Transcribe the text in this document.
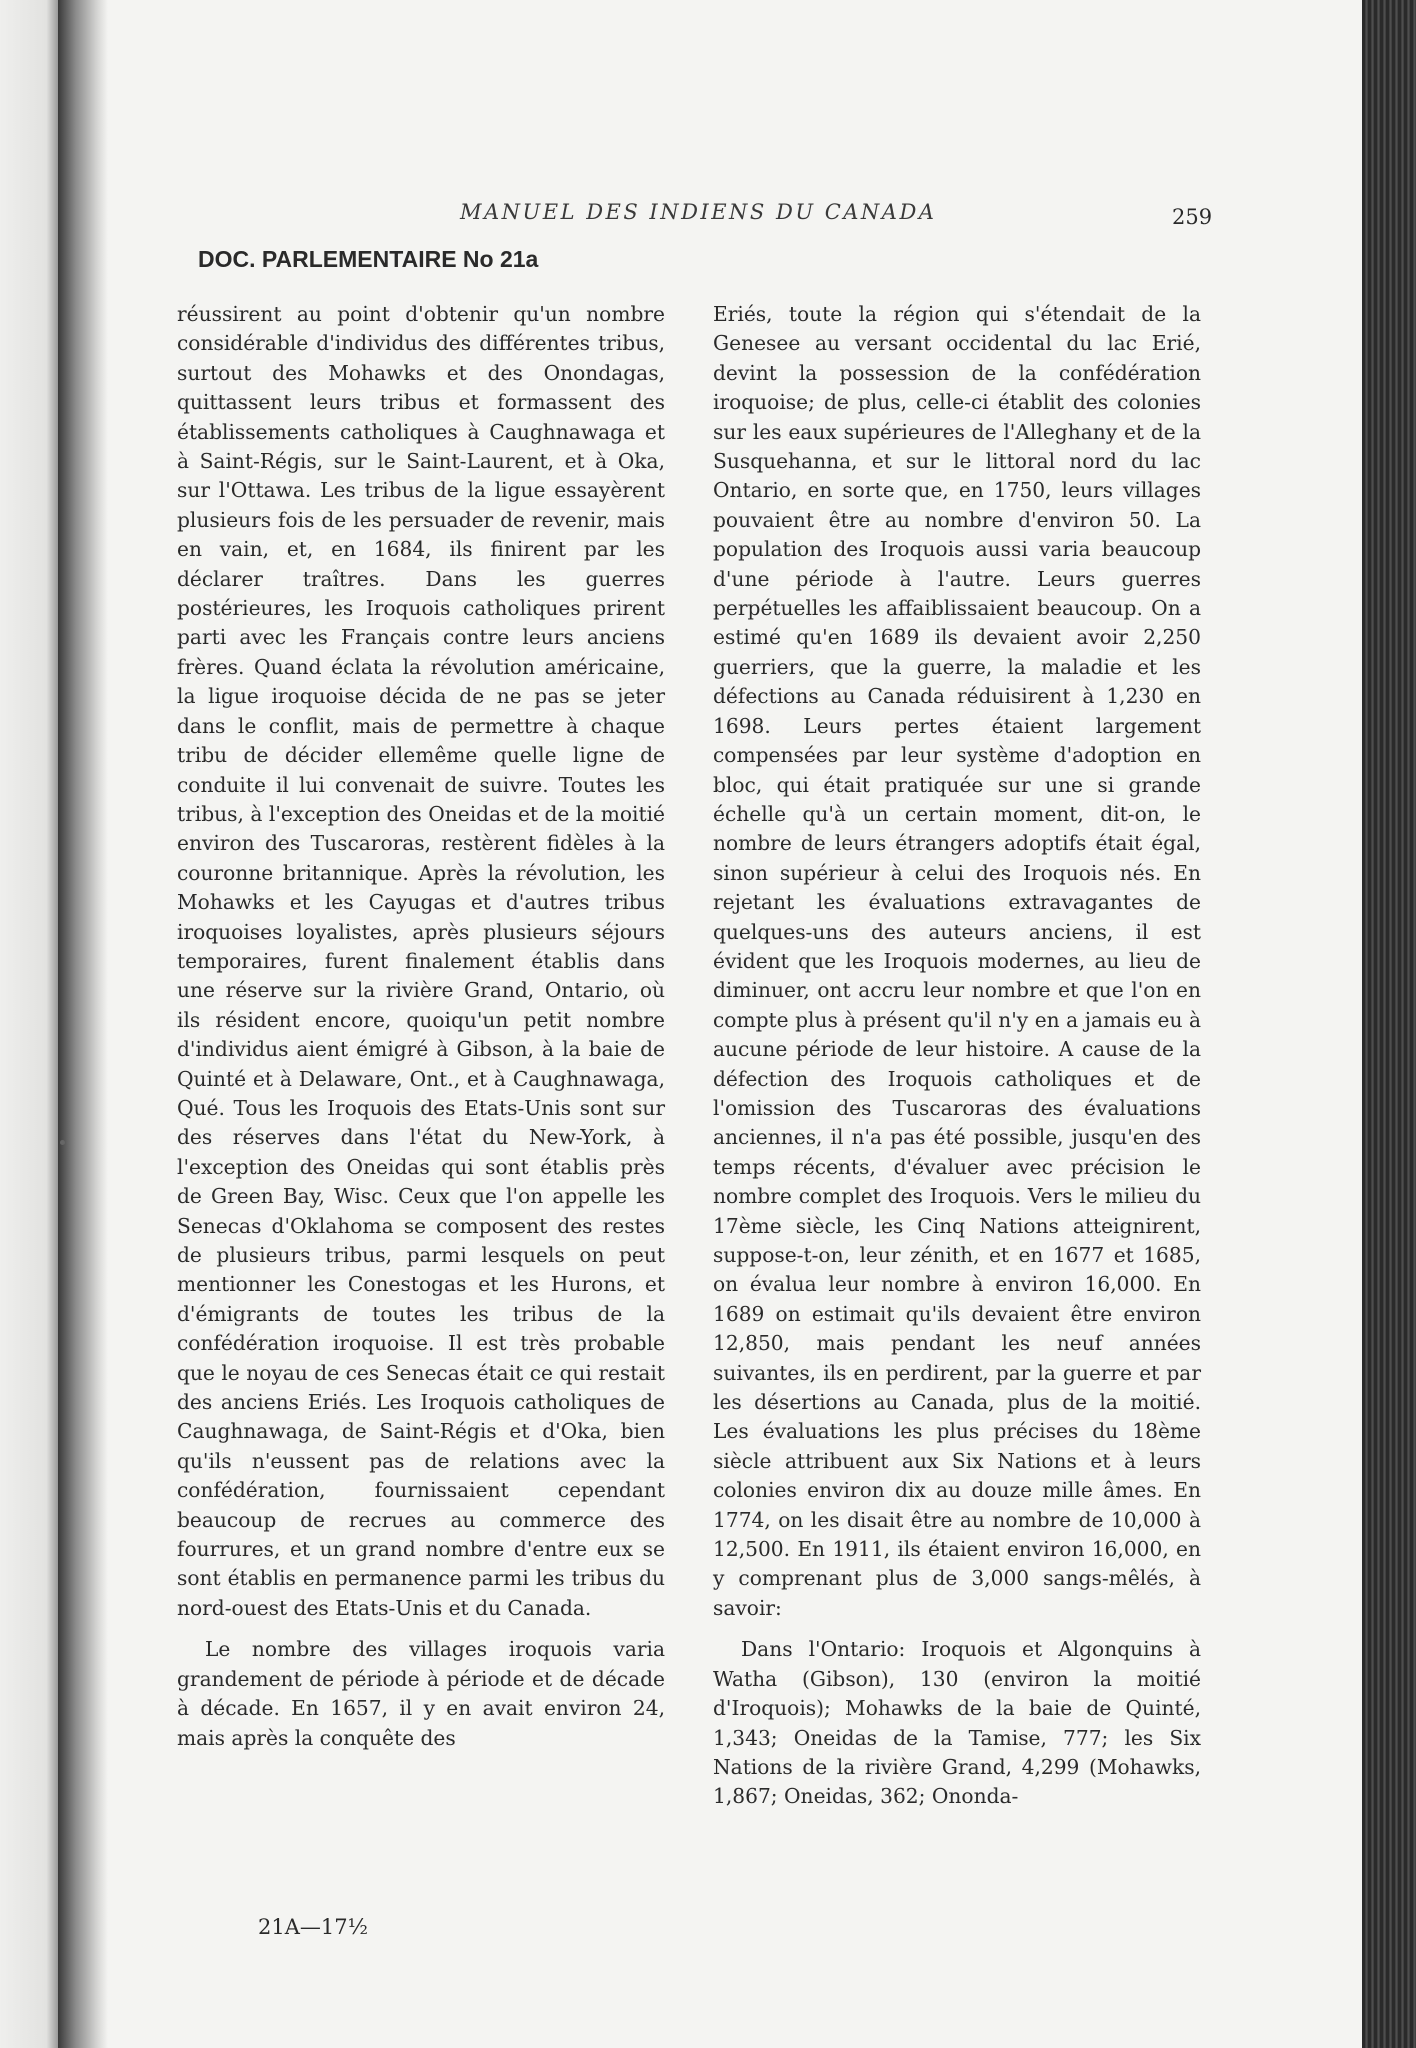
MANUEL DES INDIENS DU CANADA	259
DOC. PARLEMENTAIRE No 21a

réussirent au point d'obtenir qu'un nombre considérable d'individus des différentes tribus, surtout des Mohawks et des Onondagas, quittassent leurs tribus et formassent des établissements catholiques à Caughnawaga et à Saint-Régis, sur le Saint-Laurent, et à Oka, sur l'Ottawa. Les tribus de la ligue essayèrent plusieurs fois de les persuader de revenir, mais en vain, et, en 1684, ils finirent par les déclarer traîtres. Dans les guerres postérieures, les Iroquois catholiques prirent parti avec les Français contre leurs anciens frères. Quand éclata la révolution américaine, la ligue iroquoise décida de ne pas se jeter dans le conflit, mais de permettre à chaque tribu de décider ellemême quelle ligne de conduite il lui convenait de suivre. Toutes les tribus, à l'exception des Oneidas et de la moitié environ des Tuscaroras, restèrent fidèles à la couronne britannique. Après la révolution, les Mohawks et les Cayugas et d'autres tribus iroquoises loyalistes, après plusieurs séjours temporaires, furent finalement établis dans une réserve sur la rivière Grand, Ontario, où ils résident encore, quoiqu'un petit nombre d'individus aient émigré à Gibson, à la baie de Quinté et à Delaware, Ont., et à Caughnawaga, Qué. Tous les Iroquois des Etats-Unis sont sur des réserves dans l'état du New-York, à l'exception des Oneidas qui sont établis près de Green Bay, Wisc. Ceux que l'on appelle les Senecas d'Oklahoma se composent des restes de plusieurs tribus, parmi lesquels on peut mentionner les Conestogas et les Hurons, et d'émigrants de toutes les tribus de la confédération iroquoise. Il est très probable que le noyau de ces Senecas était ce qui restait des anciens Eriés. Les Iroquois catholiques de Caughnawaga, de Saint-Régis et d'Oka, bien qu'ils n'eussent pas de relations avec la confédération, fournissaient cependant beaucoup de recrues au commerce des fourrures, et un grand nombre d'entre eux se sont établis en permanence parmi les tribus du nord-ouest des Etats-Unis et du Canada.

Le nombre des villages iroquois varia grandement de période à période et de décade à décade. En 1657, il y en avait environ 24, mais après la conquête des

Eriés, toute la région qui s'étendait de la Genesee au versant occidental du lac Erié, devint la possession de la confédération iroquoise; de plus, celle-ci établit des colonies sur les eaux supérieures de l'Alleghany et de la Susquehanna, et sur le littoral nord du lac Ontario, en sorte que, en 1750, leurs villages pouvaient être au nombre d'environ 50. La population des Iroquois aussi varia beaucoup d'une période à l'autre. Leurs guerres perpétuelles les affaiblissaient beaucoup. On a estimé qu'en 1689 ils devaient avoir 2,250 guerriers, que la guerre, la maladie et les défections au Canada réduisirent à 1,230 en 1698. Leurs pertes étaient largement compensées par leur système d'adoption en bloc, qui était pratiquée sur une si grande échelle qu'à un certain moment, dit-on, le nombre de leurs étrangers adoptifs était égal, sinon supérieur à celui des Iroquois nés. En rejetant les évaluations extravagantes de quelques-uns des auteurs anciens, il est évident que les Iroquois modernes, au lieu de diminuer, ont accru leur nombre et que l'on en compte plus à présent qu'il n'y en a jamais eu à aucune période de leur histoire. A cause de la défection des Iroquois catholiques et de l'omission des Tuscaroras des évaluations anciennes, il n'a pas été possible, jusqu'en des temps récents, d'évaluer avec précision le nombre complet des Iroquois. Vers le milieu du 17ème siècle, les Cinq Nations atteignirent, suppose-t-on, leur zénith, et en 1677 et 1685, on évalua leur nombre à environ 16,000. En 1689 on estimait qu'ils devaient être environ 12,850, mais pendant les neuf années suivantes, ils en perdirent, par la guerre et par les désertions au Canada, plus de la moitié. Les évaluations les plus précises du 18ème siècle attribuent aux Six Nations et à leurs colonies environ dix au douze mille âmes. En 1774, on les disait être au nombre de 10,000 à 12,500. En 1911, ils étaient environ 16,000, en y comprenant plus de 3,000 sangs-mêlés, à savoir:

Dans l'Ontario: Iroquois et Algonquins à Watha (Gibson), 130 (environ la moitié d'Iroquois); Mohawks de la baie de Quinté, 1,343; Oneidas de la Tamise, 777; les Six Nations de la rivière Grand, 4,299 (Mohawks, 1,867; Oneidas, 362; Onondа-

21A—17½
